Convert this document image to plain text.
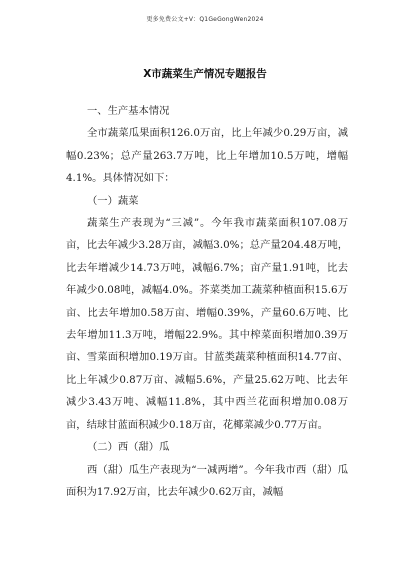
更多免费公文+V：Q1GeGongWen2024
X市蔬菜生产情况专题报告

一、生产基本情况

全市蔬菜瓜果面积126.0万亩，比上年减少0.29万亩，减幅0.23%；总产量263.7万吨，比上年增加10.5万吨，增幅4.1%。具体情况如下：

（一）蔬菜

蔬菜生产表现为“三减”。今年我市蔬菜面积107.08万亩，比去年减少3.28万亩，减幅3.0%；总产量204.48万吨，比去年增减少14.73万吨，减幅6.7%；亩产量1.91吨，比去年减少0.08吨，减幅4.0%。芥菜类加工蔬菜种植面积15.6万亩、比去年增加0.58万亩、增幅0.39%，产量60.6万吨、比去年增加11.3万吨，增幅22.9%。其中榨菜面积增加0.39万亩、雪菜面积增加0.19万亩。甘蓝类蔬菜种植面积14.77亩、比上年减少0.87万亩、减幅5.6%，产量25.62万吨、比去年减少3.43万吨、减幅11.8%，其中西兰花面积增加0.08万亩，结球甘蓝面积减少0.18万亩，花椰菜减少0.77万亩。

（二）西（甜）瓜

西（甜）瓜生产表现为“一减两增”。今年我市西（甜）瓜面积为17.92万亩，比去年减少0.62万亩，减幅
